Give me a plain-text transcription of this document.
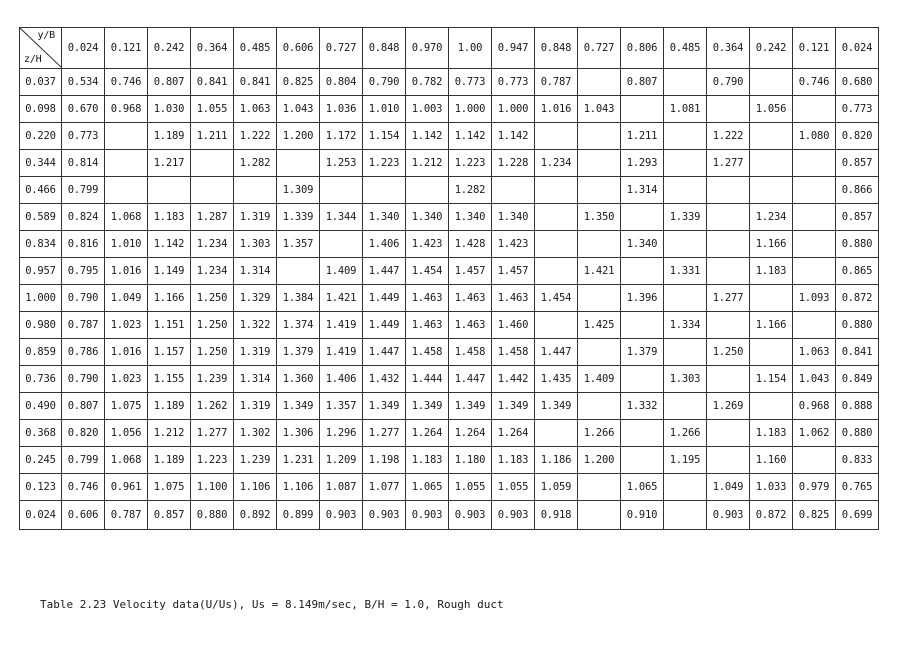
y/B
z/H	0.024	0.121	0.242	0.364	0.485	0.606	0.727	0.848	0.970	1.00	0.947	0.848	0.727	0.806	0.485	0.364	0.242	0.121	0.024
0.037	0.534	0.746	0.807	0.841	0.841	0.825	0.804	0.790	0.782	0.773	0.773	0.787		0.807		0.790		0.746	0.680
0.098	0.670	0.968	1.030	1.055	1.063	1.043	1.036	1.010	1.003	1.000	1.000	1.016	1.043		1.081		1.056		0.773
0.220	0.773		1.189	1.211	1.222	1.200	1.172	1.154	1.142	1.142	1.142			1.211		1.222		1.080	0.820
0.344	0.814		1.217		1.282		1.253	1.223	1.212	1.223	1.228	1.234		1.293		1.277			0.857
0.466	0.799					1.309				1.282				1.314					0.866
0.589	0.824	1.068	1.183	1.287	1.319	1.339	1.344	1.340	1.340	1.340	1.340		1.350		1.339		1.234		0.857
0.834	0.816	1.010	1.142	1.234	1.303	1.357		1.406	1.423	1.428	1.423			1.340			1.166		0.880
0.957	0.795	1.016	1.149	1.234	1.314		1.409	1.447	1.454	1.457	1.457		1.421		1.331		1.183		0.865
1.000	0.790	1.049	1.166	1.250	1.329	1.384	1.421	1.449	1.463	1.463	1.463	1.454		1.396		1.277		1.093	0.872
0.980	0.787	1.023	1.151	1.250	1.322	1.374	1.419	1.449	1.463	1.463	1.460		1.425		1.334		1.166		0.880
0.859	0.786	1.016	1.157	1.250	1.319	1.379	1.419	1.447	1.458	1.458	1.458	1.447		1.379		1.250		1.063	0.841
0.736	0.790	1.023	1.155	1.239	1.314	1.360	1.406	1.432	1.444	1.447	1.442	1.435	1.409		1.303		1.154	1.043	0.849
0.490	0.807	1.075	1.189	1.262	1.319	1.349	1.357	1.349	1.349	1.349	1.349	1.349		1.332		1.269		0.968	0.888
0.368	0.820	1.056	1.212	1.277	1.302	1.306	1.296	1.277	1.264	1.264	1.264		1.266		1.266		1.183	1.062	0.880
0.245	0.799	1.068	1.189	1.223	1.239	1.231	1.209	1.198	1.183	1.180	1.183	1.186	1.200		1.195		1.160		0.833
0.123	0.746	0.961	1.075	1.100	1.106	1.106	1.087	1.077	1.065	1.055	1.055	1.059		1.065		1.049	1.033	0.979	0.765
0.024	0.606	0.787	0.857	0.880	0.892	0.899	0.903	0.903	0.903	0.903	0.903	0.918		0.910		0.903	0.872	0.825	0.699
Table 2.23 Velocity data(U/Us), Us = 8.149m/sec, B/H = 1.0, Rough duct
